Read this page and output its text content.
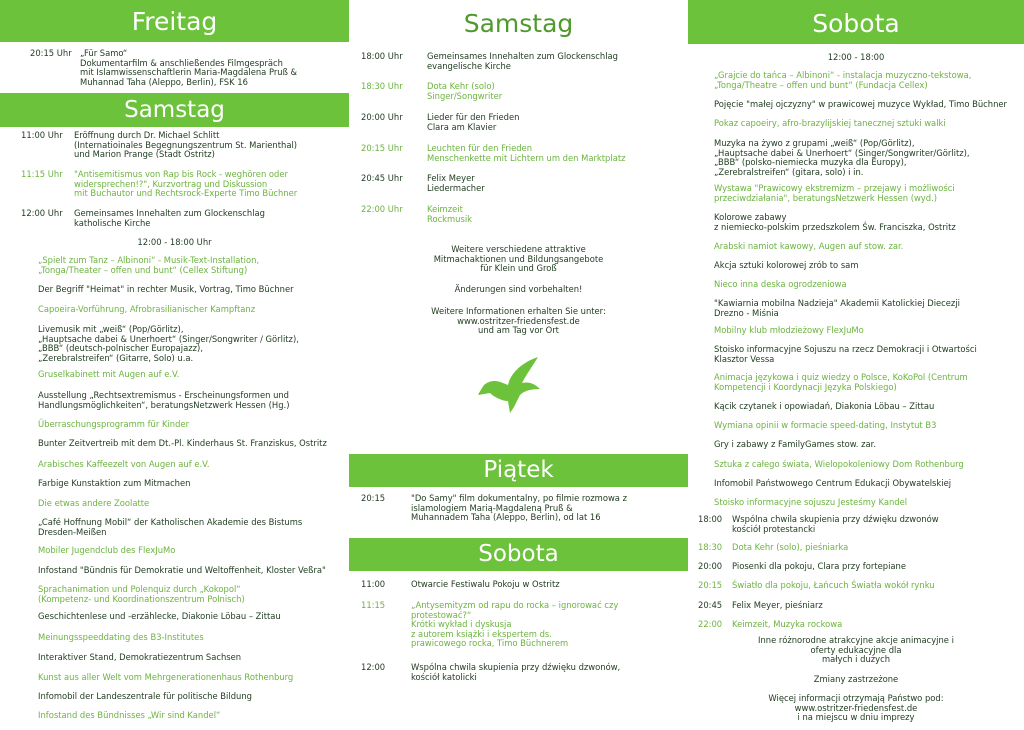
Freitag
20:15 Uhr „Für Samo“
Dokumentarfilm & anschließendes Filmgespräch
mit Islamwissenschaftlerin Maria-Magdalena Pruß &
Muhannad Taha (Aleppo, Berlin), FSK 16
Samstag
11:00 Uhr Eröffnung durch Dr. Michael Schlitt
(Internatioinales Begegnungszentrum St. Marienthal)
und Marion Prange (Stadt Ostritz)
11:15 Uhr "Antisemitismus von Rap bis Rock - weghören oder
widersprechen!?", Kurzvortrag und Diskussion
mit Buchautor und Rechtsrock-Experte Timo Büchner
12:00 Uhr Gemeinsames Innehalten zum Glockenschlag
katholische Kirche
12:00 - 18:00 Uhr
„Spielt zum Tanz – Albinoni“ - Musik-Text-Installation,
„Tonga/Theater – offen und bunt“ (Cellex Stiftung)
Der Begriff "Heimat" in rechter Musik, Vortrag, Timo Büchner
Capoeira-Vorführung, Afrobrasilianischer Kampftanz
Livemusik mit „weiß“ (Pop/Görlitz),
„Hauptsache dabei & Unerhoert“ (Singer/Songwriter / Görlitz),
„BBB“ (deutsch-polnischer Europajazz),
„Zerebralstreifen“ (Gitarre, Solo) u.a.
Gruselkabinett mit Augen auf e.V.
Ausstellung „Rechtsextremismus - Erscheinungsformen und
Handlungsmöglichkeiten“, beratungsNetzwerk Hessen (Hg.)
Überraschungsprogramm für Kinder
Bunter Zeitvertreib mit dem Dt.-Pl. Kinderhaus St. Franziskus, Ostritz
Arabisches Kaffeezelt von Augen auf e.V.
Farbige Kunstaktion zum Mitmachen
Die etwas andere Zoolatte
„Café Hoffnung Mobil“ der Katholischen Akademie des Bistums
Dresden-Meißen
Mobiler Jugendclub des FlexJuMo
Infostand "Bündnis für Demokratie und Weltoffenheit, Kloster Veßra"
Sprachanimation und Polenquiz durch „Kokopol“
(Kompetenz- und Koordinationszentrum Polnisch)
Geschichtenlese und -erzählecke, Diakonie Löbau – Zittau
Meinungsspeeddating des B3-Institutes
Interaktiver Stand, Demokratiezentrum Sachsen
Kunst aus aller Welt vom Mehrgenerationenhaus Rothenburg
Infomobil der Landeszentrale für politische Bildung
Infostand des Bündnisses „Wir sind Kandel“
Samstag
18:00 Uhr	Gemeinsames Innehalten zum Glockenschlag
evangelische Kirche
18:30 Uhr	Dota Kehr (solo)
Singer/Songwriter
20:00 Uhr	Lieder für den Frieden
Clara am Klavier
20:15 Uhr	Leuchten für den Frieden
Menschenkette mit Lichtern um den Marktplatz
20:45 Uhr	Felix Meyer
Liedermacher
22:00 Uhr	Keimzeit
Rockmusik
Weitere verschiedene attraktive
Mitmachaktionen und Bildungsangebote
für Klein und Groß
Änderungen sind vorbehalten!
Weitere Informationen erhalten Sie unter:
www.ostritzer-friedensfest.de
und am Tag vor Ort
Piątek
20:15	"Do Samy" film dokumentalny, po filmie rozmowa z
islamologiem Marią-Magdaleną Pruß &
Muhannadem Taha (Aleppo, Berlin), od lat 16
Sobota
11:00	Otwarcie Festiwalu Pokoju w Ostritz
11:15	„Antysemityzm od rapu do rocka – ignorować czy
protestować?“
Krótki wykład i dyskusja
z autorem książki i ekspertem ds.
prawicowego rocka, Timo Büchnerem
12:00	Wspólna chwila skupienia przy dźwięku dzwonów,
kościół katolicki
Sobota
12:00 - 18:00
„Grajcie do tańca – Albinoni“ - instalacja muzyczno-tekstowa,
„Tonga/Theatre – offen und bunt“ (Fundacja Cellex)
Pojęcie "małej ojczyzny" w prawicowej muzyce Wykład, Timo Büchner
Pokaz capoeiry, afro-brazylijskiej tanecznej sztuki walki
Muzyka na żywo z grupami „weiß“ (Pop/Görlitz),
„Hauptsache dabei & Unerhoert“ (Singer/Songwriter/Görlitz),
„BBB“ (polsko-niemiecka muzyka dla Europy),
„Zerebralstreifen“ (gitara, solo) i in.
Wystawa "Prawicowy ekstremizm – przejawy i możliwości
przeciwdziałania", beratungsNetzwerk Hessen (wyd.)
Kolorowe zabawy
z niemiecko-polskim przedszkolem Św. Franciszka, Ostritz
Arabski namiot kawowy, Augen auf stow. zar.
Akcja sztuki kolorowej zrób to sam
Nieco inna deska ogrodzeniowa
"Kawiarnia mobilna Nadzieja" Akademii Katolickiej Diecezji
Drezno - Miśnia
Mobilny klub młodzieżowy FlexJuMo
Stoisko informacyjne Sojuszu na rzecz Demokracji i Otwartości
Klasztor Vessa
Animacja językowa i quiz wiedzy o Polsce, KoKoPol (Centrum
Kompetencji i Koordynacji Języka Polskiego)
Kącik czytanek i opowiadań, Diakonia Löbau – Zittau
Wymiana opinii w formacie speed-dating, Instytut B3
Gry i zabawy z FamilyGames stow. zar.
Sztuka z całego świata, Wielopokoleniowy Dom Rothenburg
Infomobil Państwowego Centrum Edukacji Obywatelskiej
Stoisko informacyjne sojuszu Jesteśmy Kandel
18:00 Wspólna chwila skupienia przy dźwięku dzwonów
kościół protestancki
18:30 Dota Kehr (solo), pieśniarka
20:00 Piosenki dla pokoju, Clara przy fortepiane
20:15 Światło dla pokoju, Łańcuch Światła wokół rynku
20:45 Felix Meyer, pieśniarz
22:00 Keimzeit, Muzyka rockowa
Inne różnorodne atrakcyjne akcje animacyjne i
oferty edukacyjne dla
małych i dużych
Zmiany zastrzeżone
Więcej informacji otrzymają Państwo pod:
www.ostritzer-friedensfest.de
i na miejscu w dniu imprezy
